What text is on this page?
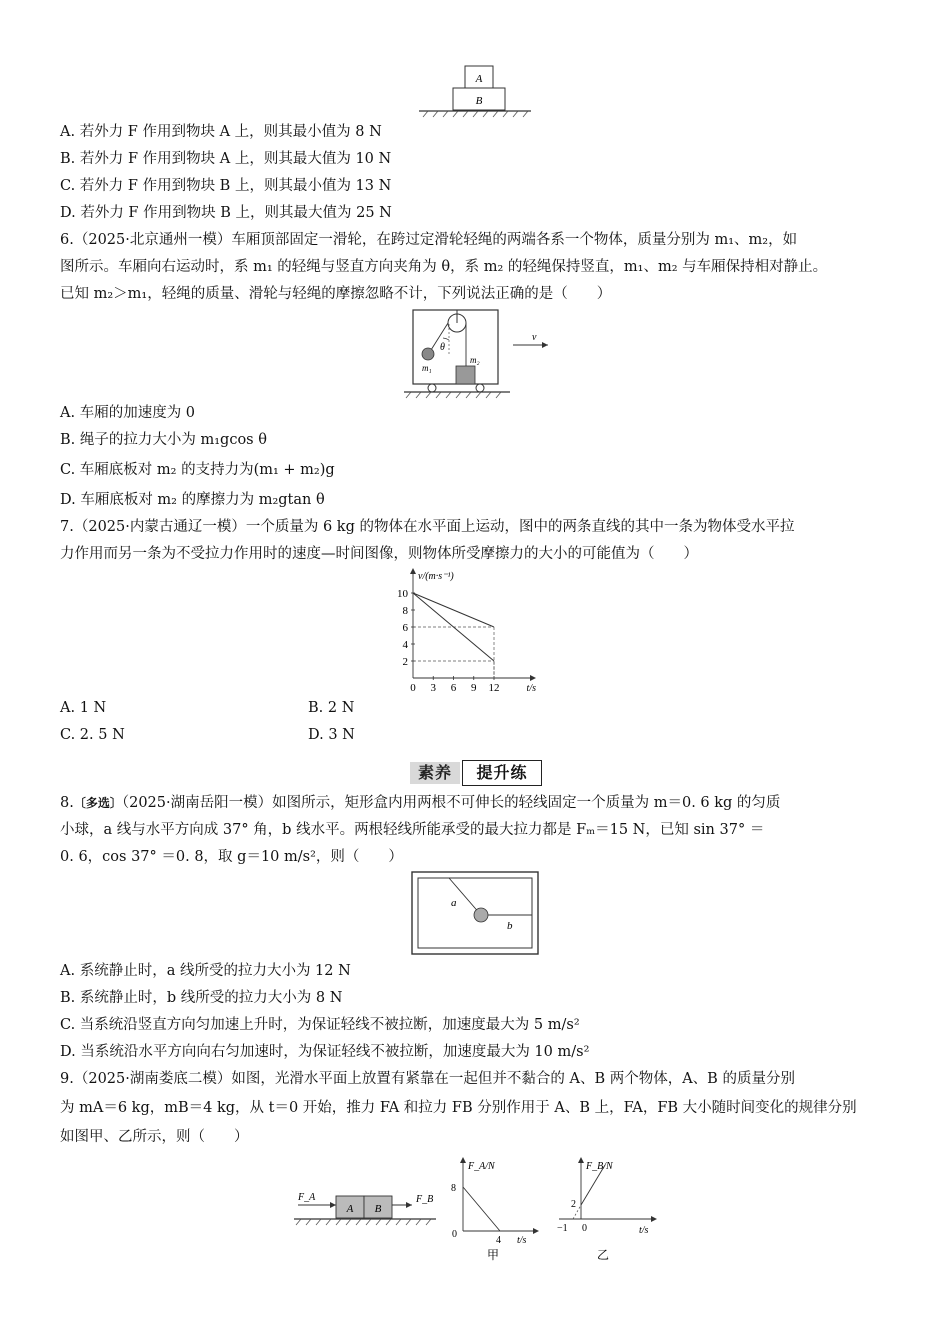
A
B
A. 若外力 F 作用到物块 A 上，则其最小值为 8 N
B. 若外力 F 作用到物块 A 上，则其最大值为 10 N
C. 若外力 F 作用到物块 B 上，则其最小值为 13 N
D. 若外力 F 作用到物块 B 上，则其最大值为 25 N
6.（2025·北京通州一模）车厢顶部固定一滑轮，在跨过定滑轮轻绳的两端各系一个物体，质量分别为 m₁、m₂，如
图所示。车厢向右运动时，系 m₁ 的轻绳与竖直方向夹角为 θ，系 m₂ 的轻绳保持竖直，m₁、m₂ 与车厢保持相对静止。
已知 m₂＞m₁，轻绳的质量、滑轮与轻绳的摩擦忽略不计，下列说法正确的是（　　）
θ
m₁
m₂
v
A. 车厢的加速度为 0
B. 绳子的拉力大小为 m₁gcos θ
C. 车厢底板对 m₂ 的支持力为(m₁ + m₂)g
D. 车厢底板对 m₂ 的摩擦力为 m₂gtan θ
7.（2025·内蒙古通辽一模）一个质量为 6 kg 的物体在水平面上运动，图中的两条直线的其中一条为物体受水平拉
力作用而另一条为不受拉力作用时的速度—时间图像，则物体所受摩擦力的大小的可能值为（　　）
v/(m·s⁻¹)
t/s
2
4
6
8
10
0 3 6 9 12
A. 1 N	B. 2 N
C. 2. 5 N	D. 3 N
素养	提升练
8.〔多选〕（2025·湖南岳阳一模）如图所示，矩形盒内用两根不可伸长的轻线固定一个质量为 m＝0. 6 kg 的匀质
小球，a 线与水平方向成 37° 角，b 线水平。两根轻线所能承受的最大拉力都是 Fₘ＝15 N，已知 sin 37° ＝
0. 6，cos 37° ＝0. 8，取 g＝10 m/s²，则（　　）
a
b
A. 系统静止时，a 线所受的拉力大小为 12 N
B. 系统静止时，b 线所受的拉力大小为 8 N
C. 当系统沿竖直方向匀加速上升时，为保证轻线不被拉断，加速度最大为 5 m/s²
D. 当系统沿水平方向向右匀加速时，为保证轻线不被拉断，加速度最大为 10 m/s²
9.（2025·湖南娄底二模）如图，光滑水平面上放置有紧靠在一起但并不黏合的 A、B 两个物体，A、B 的质量分别
为 mA＝6 kg，mB＝4 kg，从 t＝0 开始，推力 FA 和拉力 FB 分别作用于 A、B 上，FA，FB 大小随时间变化的规律分别
如图甲、乙所示，则（　　）
F_A
A B
F_B
F_A/N
8
0
4 t/s
甲
F_B/N
2
−1 0	t/s
乙
